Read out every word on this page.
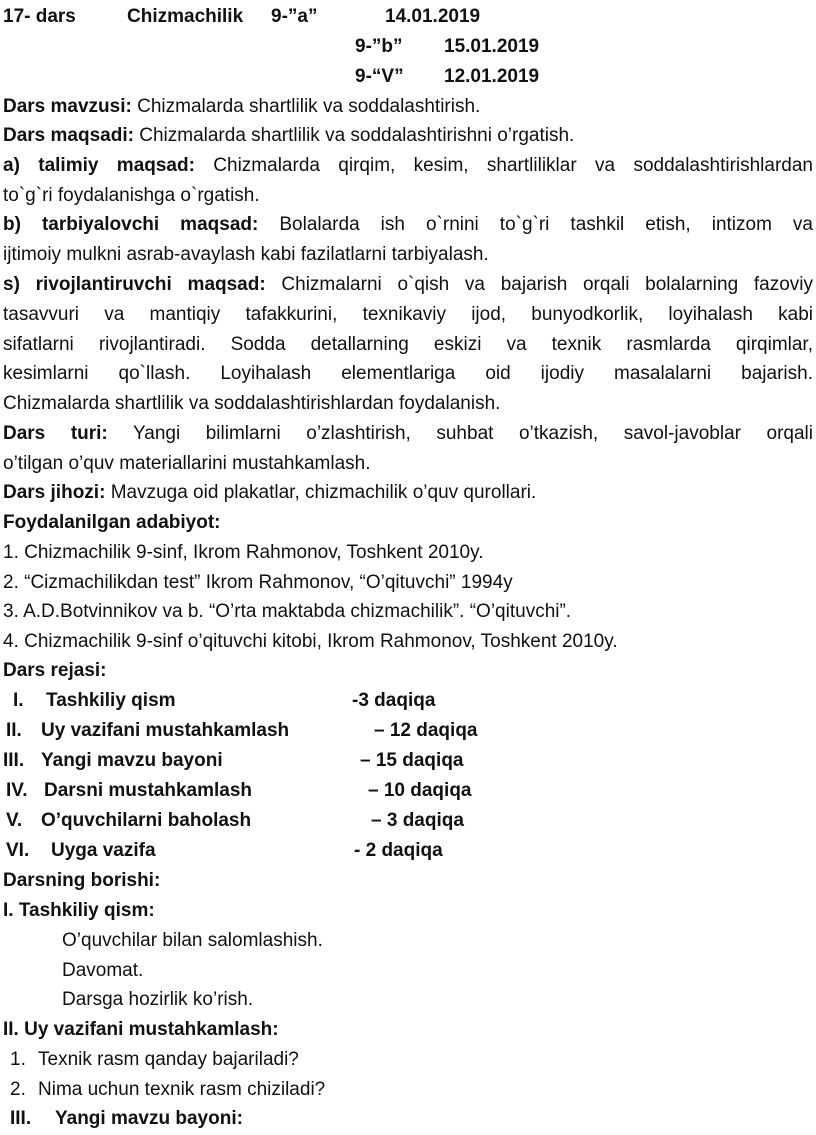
17- dars	Chizmachilik 9-”a”	14.01.2019
9-”b” 15.01.2019
9-“V” 12.01.2019
Dars mavzusi: Chizmalarda shartlilik va soddalashtirish.
Dars maqsadi: Chizmalarda shartlilik va soddalashtirishni o’rgatish.
a) talimiy maqsad: Chizmalarda qirqim, kesim, shartliliklar va soddalashtirishlardan
to`g`ri foydalanishga o`rgatish.
b) tarbiyalovchi maqsad: Bolalarda ish o`rnini to`g`ri tashkil etish, intizom va
ijtimoiy mulkni asrab-avaylash kabi fazilatlarni tarbiyalash.
s) rivojlantiruvchi maqsad: Chizmalarni o`qish va bajarish orqali bolalarning fazoviy
tasavvuri va mantiqiy tafakkurini, texnikaviy ijod, bunyodkorlik, loyihalash kabi
sifatlarni rivojlantiradi. Sodda detallarning eskizi va texnik rasmlarda qirqimlar,
kesimlarni qo`llash. Loyihalash elementlariga oid ijodiy masalalarni bajarish.
Chizmalarda shartlilik va soddalashtirishlardan foydalanish.
Dars turi: Yangi bilimlarni o’zlashtirish, suhbat o’tkazish, savol-javoblar orqali
o’tilgan o’quv materiallarini mustahkamlash.
Dars jihozi: Mavzuga oid plakatlar, chizmachilik o’quv qurollari.
Foydalanilgan adabiyot:
1. Chizmachilik 9-sinf, Ikrom Rahmonov, Toshkent 2010y.
2. “Cizmachilikdan test” Ikrom Rahmonov, “O’qituvchi” 1994y
3. A.D.Botvinnikov va b. “O’rta maktabda chizmachilik”. “O’qituvchi”.
4. Chizmachilik 9-sinf o’qituvchi kitobi, Ikrom Rahmonov, Toshkent 2010y.
Dars rejasi:
I. Tashkiliy qism	-3 daqiqa
II. Uy vazifani mustahkamlash	– 12 daqiqa
III. Yangi mavzu bayoni	– 15 daqiqa
IV. Darsni mustahkamlash	– 10 daqiqa
V. O’quvchilarni baholash	– 3 daqiqa
VI. Uyga vazifa	- 2 daqiqa
Darsning borishi:
I. Tashkiliy qism:
O’quvchilar bilan salomlashish.
Davomat.
Darsga hozirlik ko’rish.
II. Uy vazifani mustahkamlash:
1. Texnik rasm qanday bajariladi?
2. Nima uchun texnik rasm chiziladi?
III. Yangi mavzu bayoni:
